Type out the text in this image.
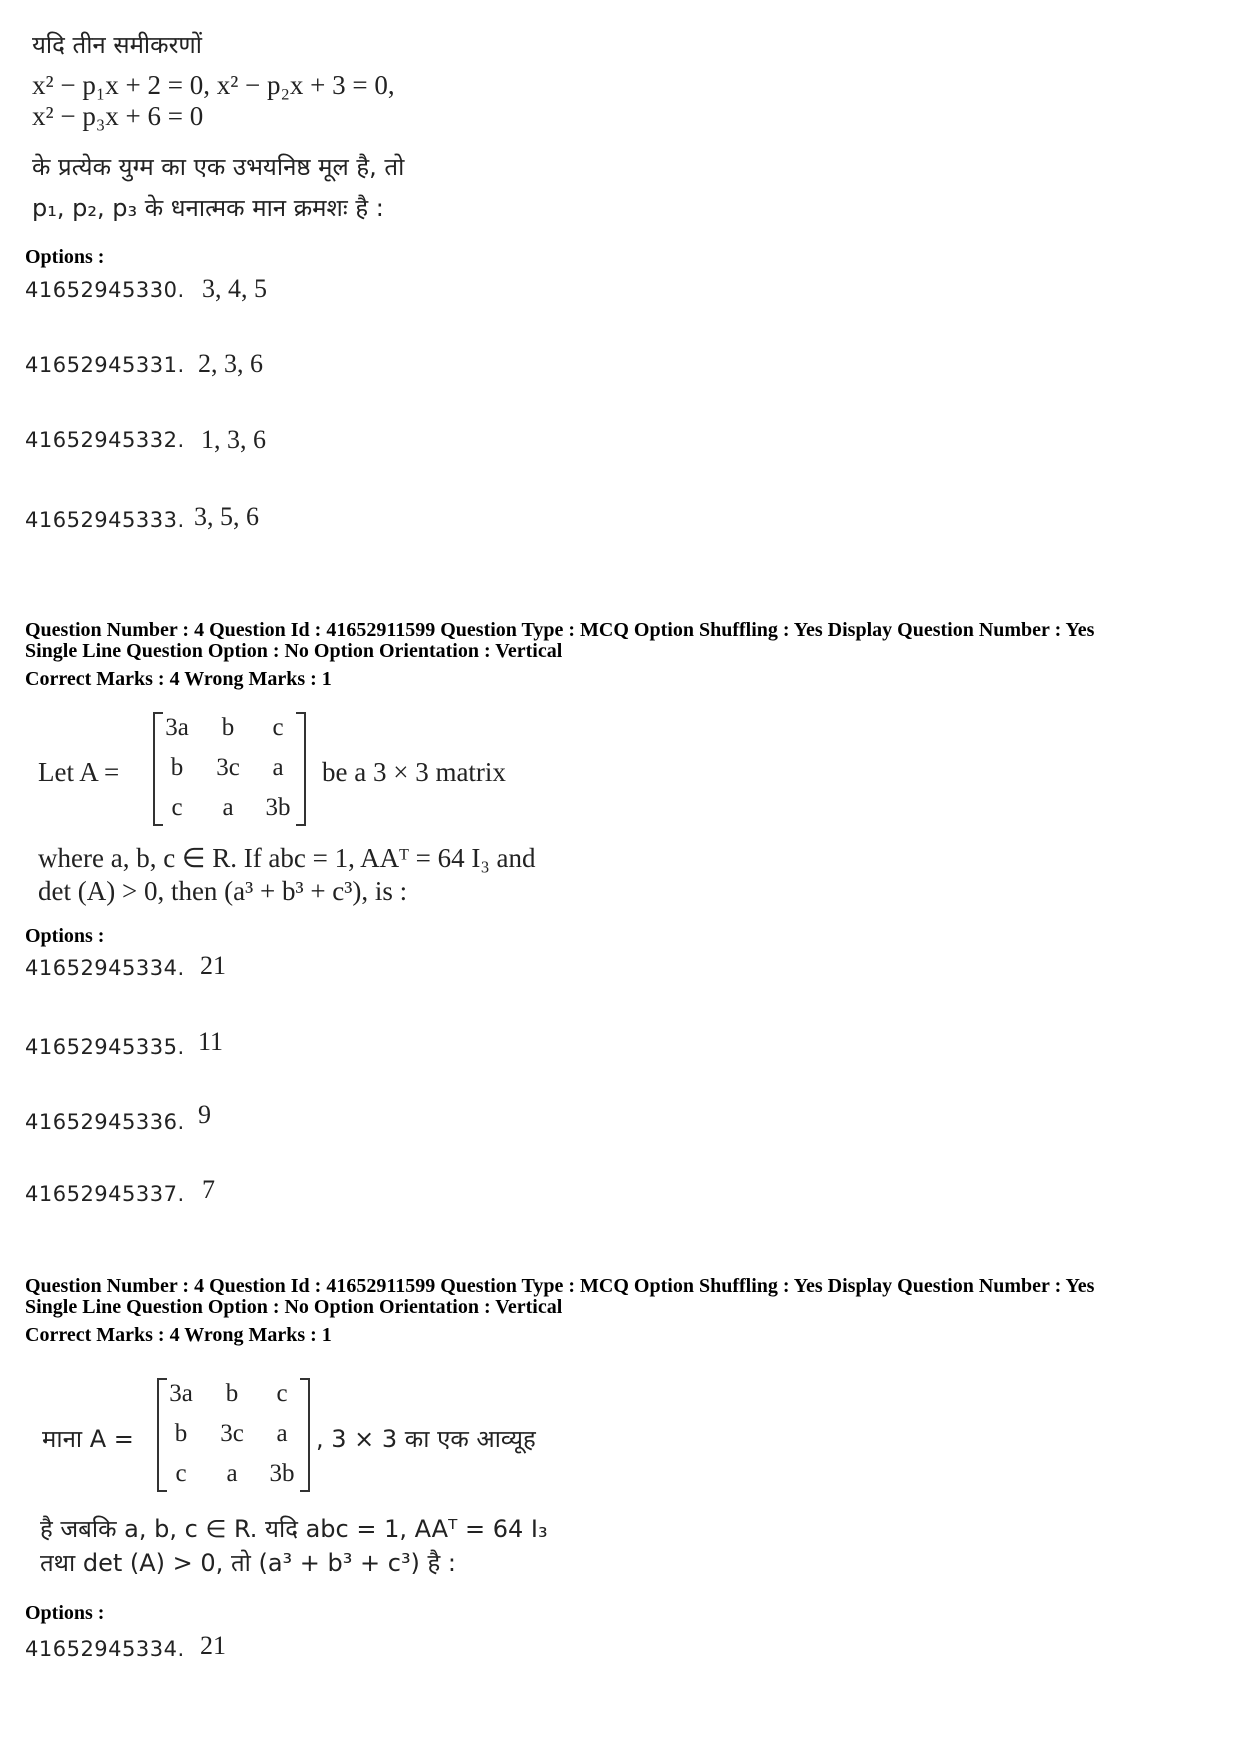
यदि तीन समीकरणों
x² − p₁x + 2 = 0, x² − p₂x + 3 = 0,
x² − p₃x + 6 = 0
के प्रत्येक युग्म का एक उभयनिष्ठ मूल है, तो
p₁, p₂, p₃ के धनात्मक मान क्रमशः है :
Options :
41652945330. 3, 4, 5
41652945331. 2, 3, 6
41652945332. 1, 3, 6
41652945333. 3, 5, 6
Question Number : 4 Question Id : 41652911599 Question Type : MCQ Option Shuffling : Yes Display Question Number : Yes
Single Line Question Option : No Option Orientation : Vertical
Correct Marks : 4 Wrong Marks : 1
Let A =
3a	b	c
b	3c	a
c	a	3b
be a 3 × 3 matrix
where a, b, c ∈ R. If abc = 1, AAᵀ = 64 I₃ and
det (A) > 0, then (a³ + b³ + c³), is :
Options :
41652945334. 21
41652945335. 11
41652945336. 9
41652945337. 7
Question Number : 4 Question Id : 41652911599 Question Type : MCQ Option Shuffling : Yes Display Question Number : Yes
Single Line Question Option : No Option Orientation : Vertical
Correct Marks : 4 Wrong Marks : 1
माना A =
3a	b	c
b	3c	a
c	a	3b
, 3 × 3 का एक आव्यूह
है जबकि a, b, c ∈ R. यदि abc = 1, AAᵀ = 64 I₃
तथा det (A) > 0, तो (a³ + b³ + c³) है :
Options :
41652945334. 21
